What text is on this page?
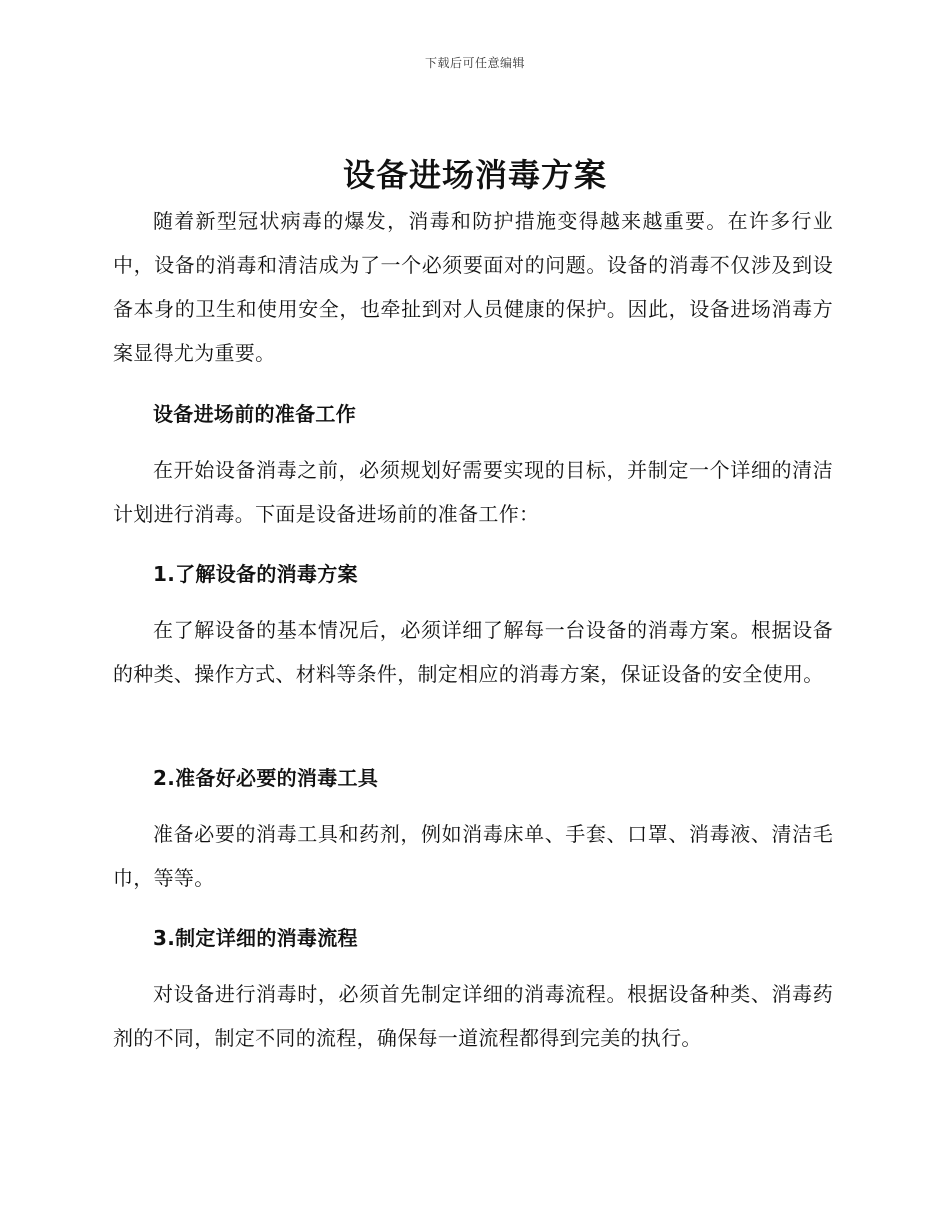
下载后可任意编辑
设备进场消毒方案

随着新型冠状病毒的爆发，消毒和防护措施变得越来越重要。在许多行业中，设备的消毒和清洁成为了一个必须要面对的问题。设备的消毒不仅涉及到设备本身的卫生和使用安全，也牵扯到对人员健康的保护。因此，设备进场消毒方案显得尤为重要。

设备进场前的准备工作

在开始设备消毒之前，必须规划好需要实现的目标，并制定一个详细的清洁计划进行消毒。下面是设备进场前的准备工作：

1.了解设备的消毒方案

在了解设备的基本情况后，必须详细了解每一台设备的消毒方案。根据设备的种类、操作方式、材料等条件，制定相应的消毒方案，保证设备的安全使用。

2.准备好必要的消毒工具

准备必要的消毒工具和药剂，例如消毒床单、手套、口罩、消毒液、清洁毛巾，等等。

3.制定详细的消毒流程

对设备进行消毒时，必须首先制定详细的消毒流程。根据设备种类、消毒药剂的不同，制定不同的流程，确保每一道流程都得到完美的执行。
